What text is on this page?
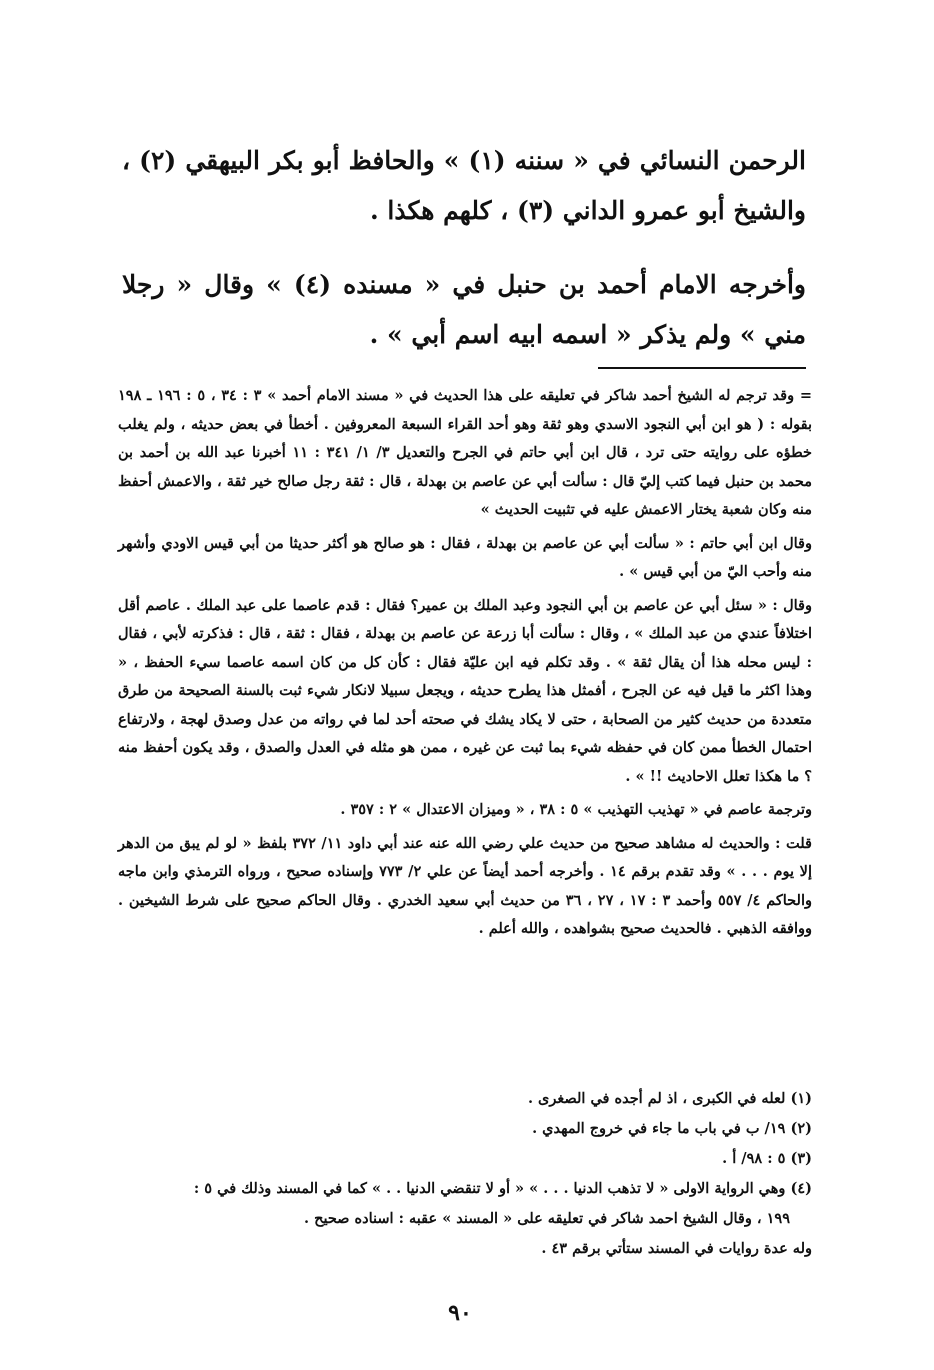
الرحمن النسائي في « سننه (١) » والحافظ أبو بكر البيهقي (٢) ، والشيخ أبو عمرو الداني (٣) ، كلهم هكذا .

وأخرجه الامام أحمد بن حنبل في « مسنده (٤) » وقال « رجلا مني » ولم يذكر « اسمه ابيه اسم أبي » .

= وقد ترجم له الشيخ أحمد شاكر في تعليقه على هذا الحديث في « مسند الامام أحمد » ٣ : ٣٤ ، ٥ : ١٩٦ ـ ١٩٨ بقوله : ( هو ابن أبي النجود الاسدي وهو ثقة وهو أحد القراء السبعة المعروفين . أخطأ في بعض حديثه ، ولم يغلب خطؤه على روايته حتى ترد ، قال ابن أبي حاتم في الجرح والتعديل ٣/ ١/ ٣٤١ : ١١ أخبرنا عبد الله بن أحمد بن محمد بن حنبل فيما كتب إليّ قال : سألت أبي عن عاصم بن بهدلة ، قال : ثقة رجل صالح خير ثقة ، والاعمش أحفظ منه وكان شعبة يختار الاعمش عليه في تثبيت الحديث »

وقال ابن أبي حاتم : « سألت أبي عن عاصم بن بهدلة ، فقال : هو صالح هو أكثر حديثا من أبي قيس الاودي وأشهر منه وأحب اليّ من أبي قيس » .

وقال : « سئل أبي عن عاصم بن أبي النجود وعبد الملك بن عمير؟ فقال : قدم عاصما على عبد الملك . عاصم أقل اختلافاً عندي من عبد الملك » ، وقال : سألت أبا زرعة عن عاصم بن بهدلة ، فقال : ثقة ، قال : فذكرته لأبي ، فقال : ليس محله هذا أن يقال ثقة » . وقد تكلم فيه ابن عليّة فقال : كأن كل من كان اسمه عاصما سيء الحفظ ، « وهذا اكثر ما قيل فيه عن الجرح ، أفمثل هذا يطرح حديثه ، ويجعل سبيلا لانكار شيء ثبت بالسنة الصحيحة من طرق متعددة من حديث كثير من الصحابة ، حتى لا يكاد يشك في صحته أحد لما في رواته من عدل وصدق لهجة ، ولارتفاع احتمال الخطأ ممن كان في حفظه شيء بما ثبت عن غيره ، ممن هو مثله في العدل والصدق ، وقد يكون أحفظ منه ؟ ما هكذا تعلل الاحاديث !! » .

وترجمة عاصم في « تهذيب التهذيب » ٥ : ٣٨ ، « وميزان الاعتدال » ٢ : ٣٥٧ .

قلت : والحديث له مشاهد صحيح من حديث علي رضي الله عنه عند أبي داود ١١/ ٣٧٢ بلفظ « لو لم يبق من الدهر إلا يوم . . . » وقد تقدم برقم ١٤ . وأخرجه أحمد أيضاً عن علي ٢/ ٧٧٣ وإسناده صحيح ، ورواه الترمذي وابن ماجه والحاكم ٤/ ٥٥٧ وأحمد ٣ : ١٧ ، ٢٧ ، ٣٦ من حديث أبي سعيد الخدري . وقال الحاكم صحيح على شرط الشيخين . ووافقه الذهبي . فالحديث صحيح بشواهده ، والله أعلم .

(١) لعله في الكبرى ، اذ لم أجده في الصغرى .

(٢) ١٩/ ب في باب ما جاء في خروج المهدي .

(٣) ٥ : ٩٨/ أ .

(٤) وهي الرواية الاولى « لا تذهب الدنيا . . . » « أو لا تنقضي الدنيا . . » كما في المسند وذلك في ٥ :

١٩٩ ، وقال الشيخ احمد شاكر في تعليقه على « المسند » عقبه : اسناده صحيح .

وله عدة روايات في المسند ستأتي برقم ٤٣ .

٩٠
